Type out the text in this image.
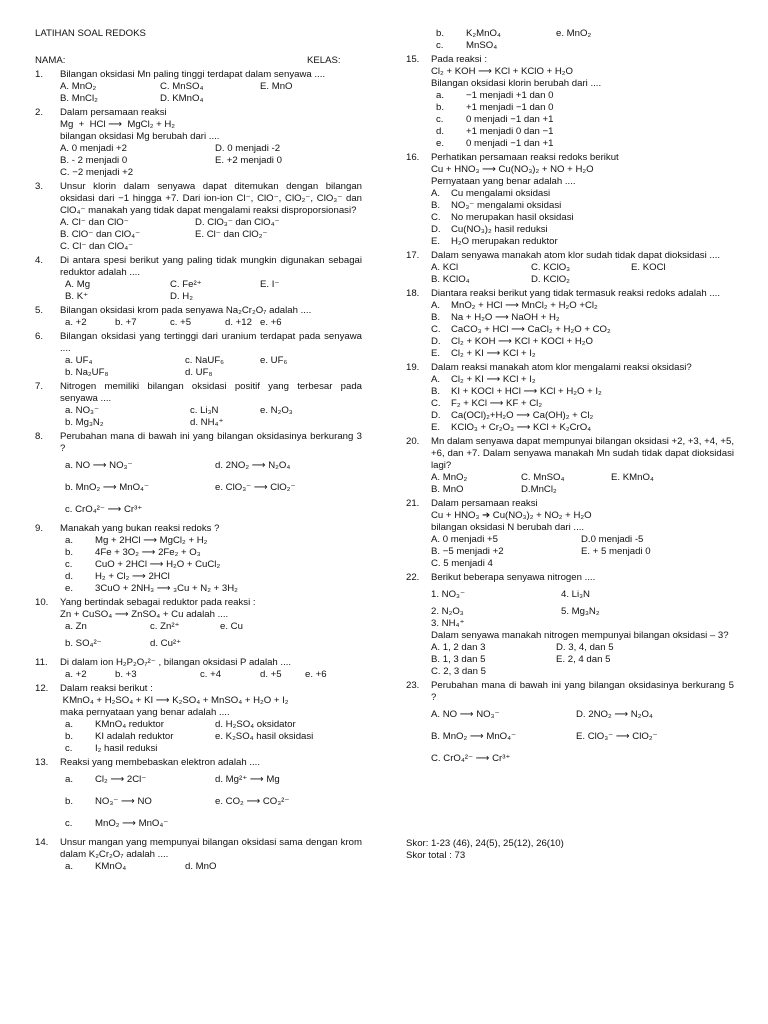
LATIHAN SOAL REDOKS
NAMA:	KELAS:
1. Bilangan oksidasi Mn paling tinggi terdapat dalam senyawa ....
A. MnO₂	C. MnSO₄	E. MnO
B. MnCl₂	D. KMnO₄
2. Dalam persamaan reaksi
Mg  +  HCl ⟶  MgCl₂ + H₂
bilangan oksidasi Mg berubah dari ....
A. 0 menjadi +2	D. 0 menjadi -2
B. - 2 menjadi 0	E. +2 menjadi 0
C. −2 menjadi +2
3. Unsur klorin dalam senyawa dapat ditemukan dengan bilangan oksidasi dari −1 hingga +7. Dari ion-ion Cl⁻, ClO⁻, ClO₂⁻, ClO₃⁻ dan ClO₄⁻ manakah yang tidak dapat mengalami reaksi disproporsionasi?
A. Cl⁻ dan ClO⁻	D. ClO₃⁻ dan ClO₄⁻
B. ClO⁻ dan ClO₄⁻	E. Cl⁻ dan ClO₂⁻
C. Cl⁻ dan ClO₄⁻
4. Di antara spesi berikut yang paling tidak mungkin digunakan sebagai reduktor adalah ....
A. Mg	C. Fe²⁺	E. I⁻
B. K⁺	D. H₂
5. Bilangan oksidasi krom pada senyawa Na₂Cr₂O₇ adalah ....
a. +2	b. +7	c. +5	d. +12 e. +6
6. Bilangan oksidasi yang tertinggi dari uranium terdapat pada senyawa ....
a. UF₄	c. NaUF₆	e. UF₆
b. Na₂UF₈	d. UF₈
7. Nitrogen memiliki bilangan oksidasi positif yang terbesar pada senyawa ....
a. NO₃⁻	c. Li₃N	e. N₂O₃
b. Mg₃N₂	d. NH₄⁺
8. Perubahan mana di bawah ini yang bilangan oksidasinya berkurang 3 ?
a. NO ⟶ NO₃⁻	d. 2NO₂ ⟶ N₂O₄
b. MnO₂ ⟶ MnO₄⁻	e. ClO₃⁻ ⟶ ClO₂⁻
c. CrO₄²⁻ ⟶ Cr³⁺
9. Manakah yang bukan reaksi redoks ?
a. Mg + 2HCl ⟶ MgCl₂ + H₂
b. 4Fe + 3O₂ ⟶ 2Fe₂ + O₃
c. CuO + 2HCl ⟶ H₂O + CuCl₂
d. H₂ + Cl₂ ⟶ 2HCl
e. 3CuO + 2NH₃ ⟶ ₃Cu + N₂ + 3H₂
10. Yang bertindak sebagai reduktor pada reaksi :
Zn + CuSO₄ ⟶ ZnSO₄ + Cu adalah ....
a. Zn	c. Zn²⁺	e. Cu
b. SO₄²⁻	d. Cu²⁺
11. Di dalam ion H₂P₂O₇²⁻ , bilangan oksidasi P adalah ....
a. +2	b. +3	c. +4	d. +5 e. +6
12. Dalam reaksi berikut :
KMnO₄ + H₂SO₄ + KI ⟶ K₂SO₄ + MnSO₄ + H₂O + I₂
maka pernyataan yang benar adalah ....
a. KMnO₄ reduktor	d. H₂SO₄ oksidator
b. KI adalah reduktor	e. K₂SO₄ hasil oksidasi
c. I₂ hasil reduksi
13. Reaksi yang membebaskan elektron adalah ....
a. Cl₂ ⟶ 2Cl⁻	d. Mg²⁺ ⟶ Mg
b. NO₃⁻ ⟶ NO	e. CO₂ ⟶ CO₃²⁻
c. MnO₂ ⟶ MnO₄⁻
14. Unsur mangan yang mempunyai bilangan oksidasi sama dengan krom dalam K₂Cr₂O₇ adalah ....
a. KMnO₄	d. MnO
b. K₂MnO₄	e. MnO₂
c. MnSO₄
15. Pada reaksi :
Cl₂ + KOH ⟶ KCl + KClO + H₂O
Bilangan oksidasi klorin berubah dari ....
a. −1 menjadi +1 dan 0
b. +1 menjadi −1 dan 0
c. 0 menjadi −1 dan +1
d. +1 menjadi 0 dan −1
e. 0 menjadi −1 dan +1
16. Perhatikan persamaan reaksi redoks berikut
Cu + HNO₃ ⟶ Cu(NO₃)₂ + NO + H₂O
Pernyataan yang benar adalah ....
A. Cu mengalami oksidasi
B. NO₃⁻ mengalami oksidasi
C. No merupakan hasil oksidasi
D. Cu(NO₃)₂ hasil reduksi
E. H₂O merupakan reduktor
17. Dalam senyawa manakah atom klor sudah tidak dapat dioksidasi ....
A. KCl	C. KClO₃	E. KOCl
B. KClO₄	D. KClO₂
18. Diantara reaksi berikut yang tidak termasuk reaksi redoks adalah ....
A. MnO₂ + HCl ⟶ MnCl₂ + H₂O +Cl₂
B. Na + H₂O ⟶ NaOH + H₂
C. CaCO₃ + HCl ⟶ CaCl₂ + H₂O + CO₂
D. Cl₂ + KOH ⟶ KCl + KOCl + H₂O
E. Cl₂ + KI ⟶ KCl + I₂
19. Dalam reaksi manakah atom klor mengalami reaksi oksidasi?
A. Cl₂ + KI ⟶ KCl + I₂
B. KI + KOCl + HCl ⟶ KCl + H₂O + I₂
C. F₂ + KCl ⟶ KF + Cl₂
D. Ca(OCl)₂+H₂O ⟶ Ca(OH)₂ + Cl₂
E. KClO₃ + Cr₂O₃ ⟶ KCl + K₂CrO₄
20. Mn dalam senyawa dapat mempunyai bilangan oksidasi +2, +3, +4, +5, +6, dan +7. Dalam senyawa manakah Mn sudah tidak dapat dioksidasi lagi?
A. MnO₂	C. MnSO₄	E. KMnO₄
B. MnO	D.MnCl₂
21. Dalam persamaan reaksi
Cu + HNO₃ ➔ Cu(NO₃)₂ + NO₂ + H₂O
bilangan oksidasi N berubah dari ....
A. 0 menjadi +5	D.0 menjadi -5
B. −5 menjadi +2	E. + 5 menjadi 0
C. 5 menjadi 4
22. Berikut beberapa senyawa nitrogen ....
1. NO₃⁻	4. Li₃N
2. N₂O₃	5. Mg₃N₂
3. NH₄⁺
Dalam senyawa manakah nitrogen mempunyai bilangan oksidasi – 3?
A. 1, 2 dan 3	D. 3, 4, dan 5
B. 1, 3 dan 5	E. 2, 4 dan 5
C. 2, 3 dan 5
23. Perubahan mana di bawah ini yang bilangan oksidasinya berkurang 5 ?
A. NO ⟶ NO₃⁻	D. 2NO₂ ⟶ N₂O₄
B. MnO₂ ⟶ MnO₄⁻	E. ClO₃⁻ ⟶ ClO₂⁻
C. CrO₄²⁻ ⟶ Cr³⁺
Skor: 1-23 (46), 24(5), 25(12), 26(10)
Skor total : 73
